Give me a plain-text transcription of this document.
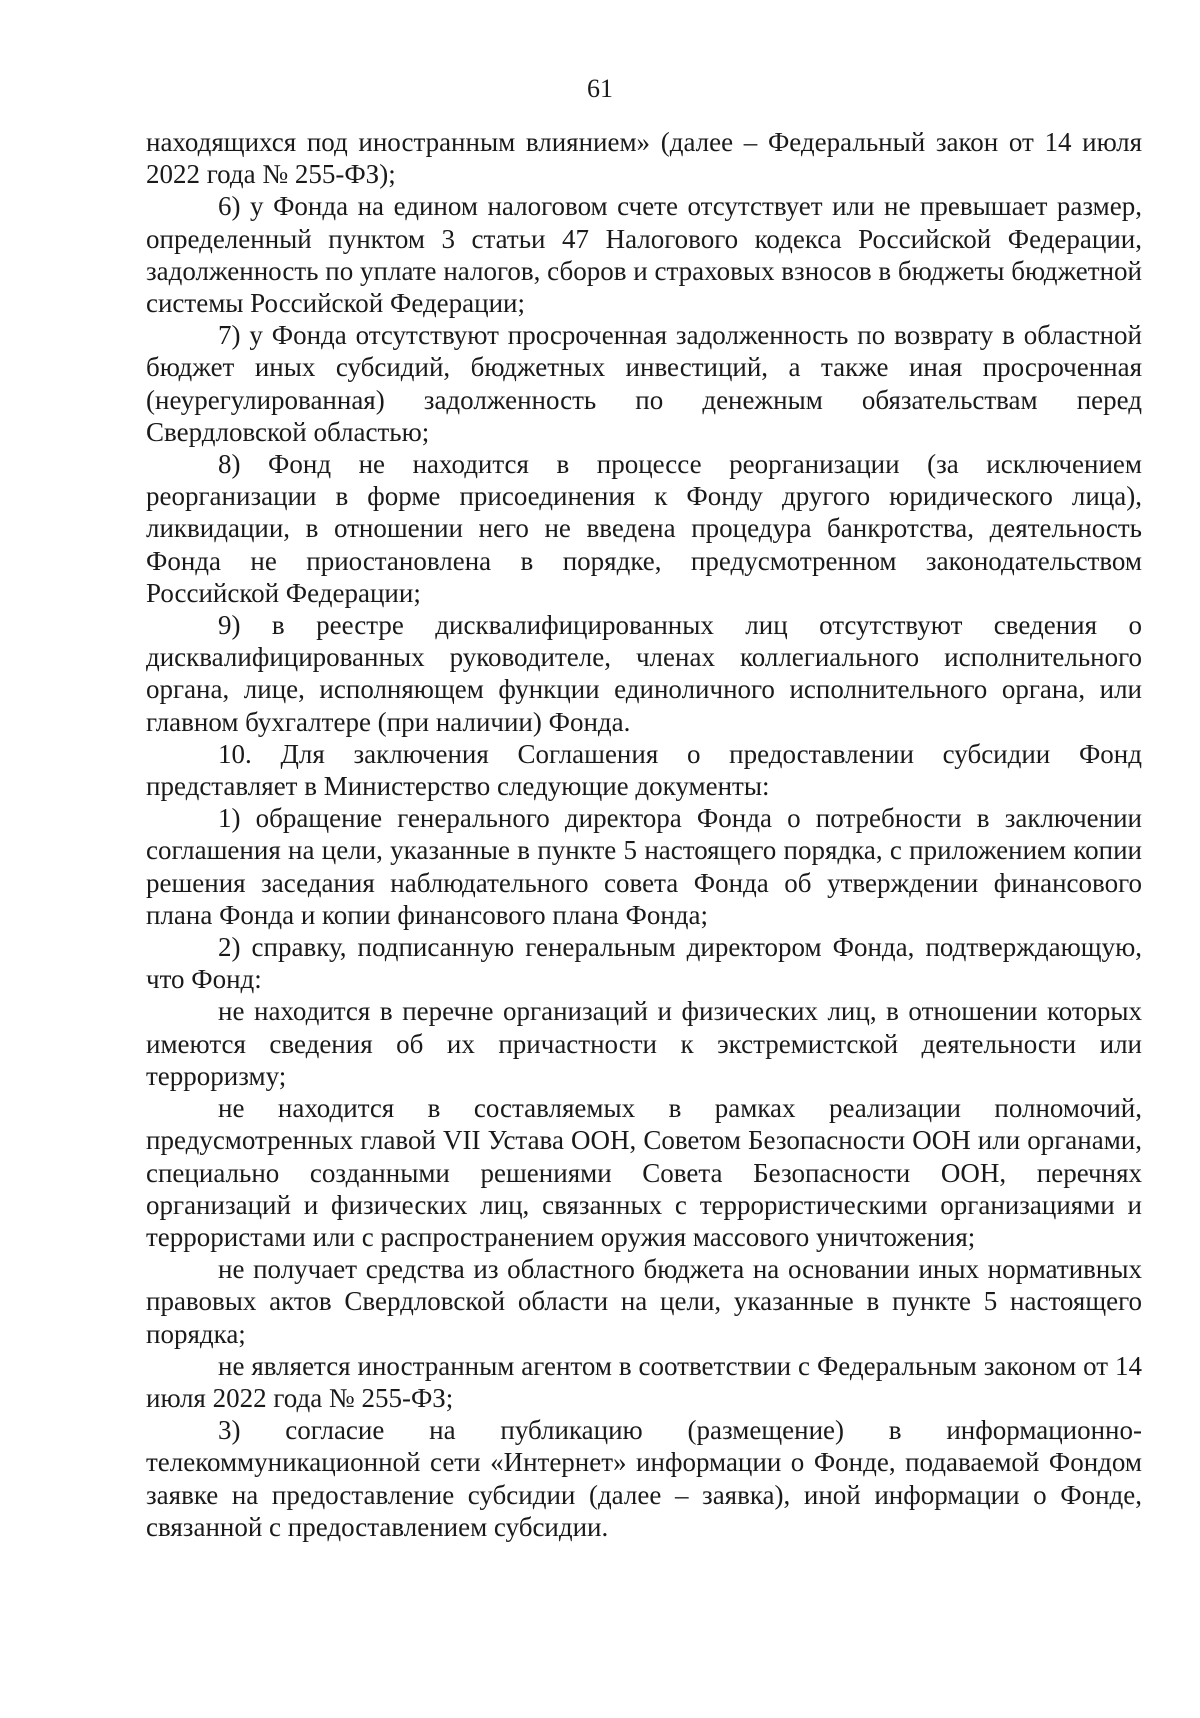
61

находящихся под иностранным влиянием» (далее – Федеральный закон от 14 июля 2022 года № 255-ФЗ);

6) у Фонда на едином налоговом счете отсутствует или не превышает размер, определенный пунктом 3 статьи 47 Налогового кодекса Российской Федерации, задолженность по уплате налогов, сборов и страховых взносов в бюджеты бюджетной системы Российской Федерации;

7) у Фонда отсутствуют просроченная задолженность по возврату в областной бюджет иных субсидий, бюджетных инвестиций, а также иная просроченная (неурегулированная) задолженность по денежным обязательствам перед Свердловской областью;

8) Фонд не находится в процессе реорганизации (за исключением реорганизации в форме присоединения к Фонду другого юридического лица), ликвидации, в отношении него не введена процедура банкротства, деятельность Фонда не приостановлена в порядке, предусмотренном законодательством Российской Федерации;

9) в реестре дисквалифицированных лиц отсутствуют сведения о дисквалифицированных руководителе, членах коллегиального исполнительного органа, лице, исполняющем функции единоличного исполнительного органа, или главном бухгалтере (при наличии) Фонда.

10. Для заключения Соглашения о предоставлении субсидии Фонд представляет в Министерство следующие документы:

1) обращение генерального директора Фонда о потребности в заключении соглашения на цели, указанные в пункте 5 настоящего порядка, с приложением копии решения заседания наблюдательного совета Фонда об утверждении финансового плана Фонда и копии финансового плана Фонда;

2) справку, подписанную генеральным директором Фонда, подтверждающую, что Фонд:

не находится в перечне организаций и физических лиц, в отношении которых имеются сведения об их причастности к экстремистской деятельности или терроризму;

не находится в составляемых в рамках реализации полномочий, предусмотренных главой VII Устава ООН, Советом Безопасности ООН или органами, специально созданными решениями Совета Безопасности ООН, перечнях организаций и физических лиц, связанных с террористическими организациями и террористами или с распространением оружия массового уничтожения;

не получает средства из областного бюджета на основании иных нормативных правовых актов Свердловской области на цели, указанные в пункте 5 настоящего порядка;

не является иностранным агентом в соответствии с Федеральным законом от 14 июля 2022 года № 255-ФЗ;

3) согласие на публикацию (размещение) в информационно-телекоммуникационной сети «Интернет» информации о Фонде, подаваемой Фондом заявке на предоставление субсидии (далее – заявка), иной информации о Фонде, связанной с предоставлением субсидии.
